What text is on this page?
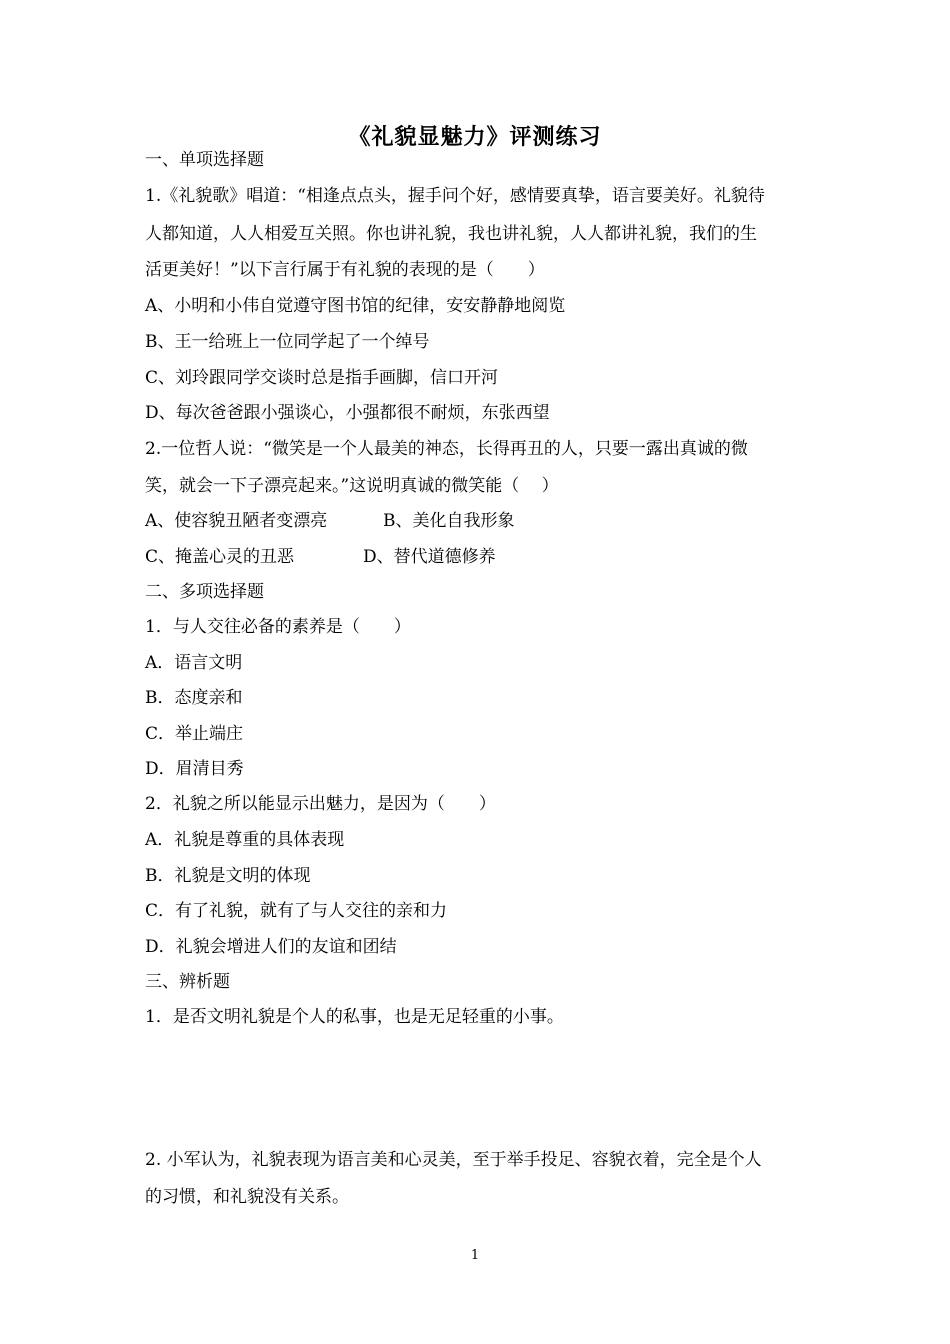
《礼貌显魅力》评测练习
一、单项选择题
1.《礼貌歌》唱道：“相逢点点头，握手问个好，感情要真挚，语言要美好。礼貌待
人都知道，人人相爱互关照。你也讲礼貌，我也讲礼貌，人人都讲礼貌，我们的生
活更美好！”以下言行属于有礼貌的表现的是（　　）
A、小明和小伟自觉遵守图书馆的纪律，安安静静地阅览
B、王一给班上一位同学起了一个绰号
C、刘玲跟同学交谈时总是指手画脚，信口开河
D、每次爸爸跟小强谈心，小强都很不耐烦，东张西望
2.一位哲人说：“微笑是一个人最美的神态，长得再丑的人，只要一露出真诚的微
笑，就会一下子漂亮起来。”这说明真诚的微笑能（　 ）
A、使容貌丑陋者变漂亮	B、美化自我形象
C、掩盖心灵的丑恶	D、替代道德修养
二、多项选择题
1．与人交往必备的素养是（　　）
A．语言文明
B．态度亲和
C．举止端庄
D．眉清目秀
2．礼貌之所以能显示出魅力，是因为（　　）
A．礼貌是尊重的具体表现
B．礼貌是文明的体现
C．有了礼貌，就有了与人交往的亲和力
D．礼貌会增进人们的友谊和团结
三、辨析题
1．是否文明礼貌是个人的私事，也是无足轻重的小事。
2. 小军认为，礼貌表现为语言美和心灵美，至于举手投足、容貌衣着，完全是个人
的习惯，和礼貌没有关系。
1
